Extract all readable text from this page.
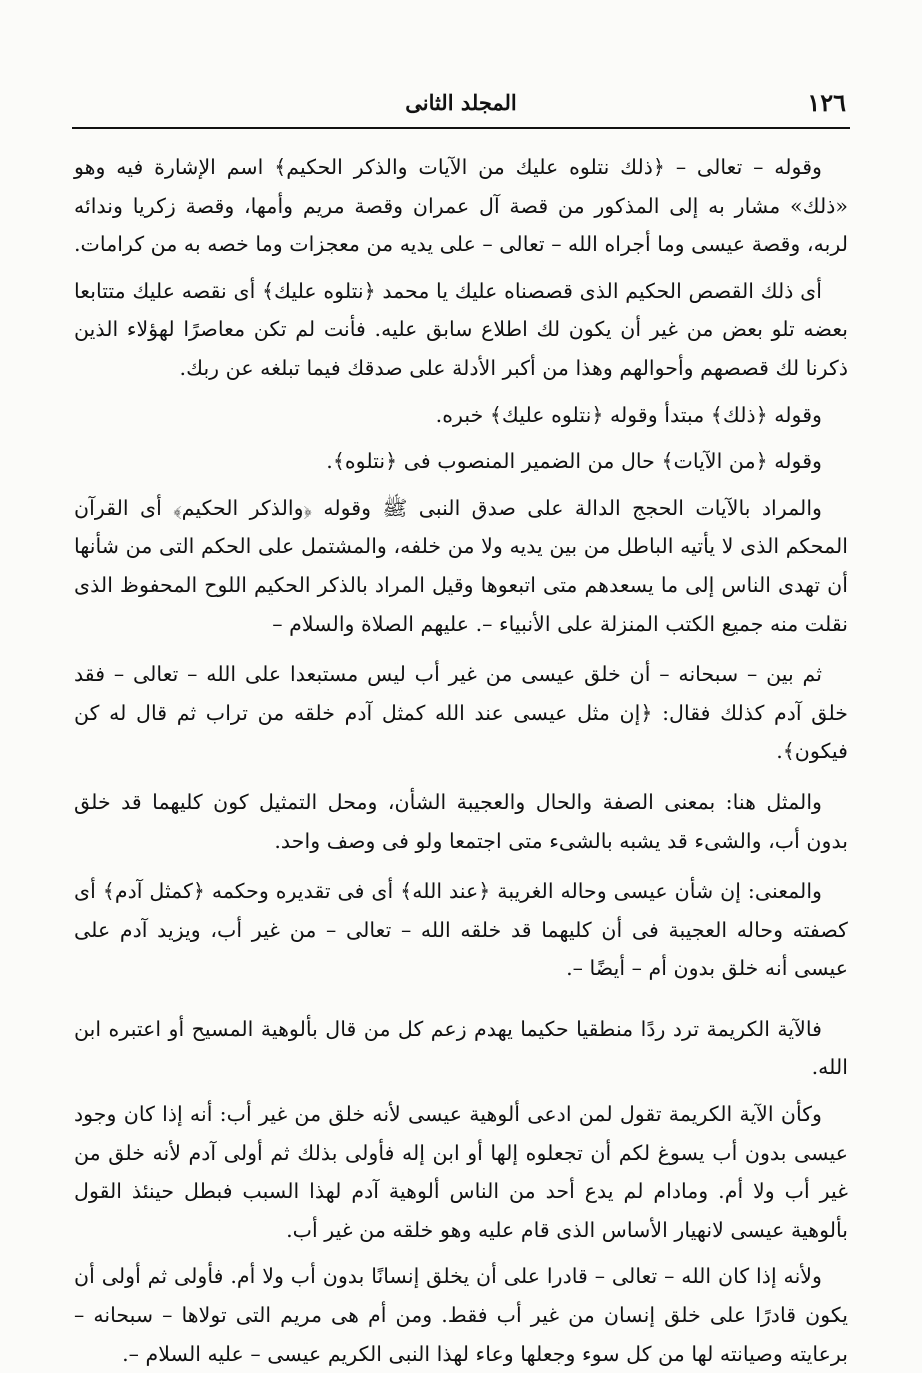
١٢٦
المجلد الثانى

وقوله – تعالى – ﴿ذلك نتلوه عليك من الآيات والذكر الحكيم﴾ اسم الإشارة فيه وهو «ذلك» مشار به إلى المذكور من قصة آل عمران وقصة مريم وأمها، وقصة زكريا وندائه لربه، وقصة عيسى وما أجراه الله – تعالى – على يديه من معجزات وما خصه به من كرامات.

أى ذلك القصص الحكيم الذى قصصناه عليك يا محمد ﴿نتلوه عليك﴾ أى نقصه عليك متتابعا بعضه تلو بعض من غير أن يكون لك اطلاع سابق عليه. فأنت لم تكن معاصرًا لهؤلاء الذين ذكرنا لك قصصهم وأحوالهم وهذا من أكبر الأدلة على صدقك فيما تبلغه عن ربك.

وقوله ﴿ذلك﴾ مبتدأ وقوله ﴿نتلوه عليك﴾ خبره.

وقوله ﴿من الآيات﴾ حال من الضمير المنصوب فى ﴿نتلوه﴾.

والمراد بالآيات الحجج الدالة على صدق النبى ﷺ وقوله ﴿والذكر الحكيم﴾ أى القرآن المحكم الذى لا يأتيه الباطل من بين يديه ولا من خلفه، والمشتمل على الحكم التى من شأنها أن تهدى الناس إلى ما يسعدهم متى اتبعوها وقيل المراد بالذكر الحكيم اللوح المحفوظ الذى نقلت منه جميع الكتب المنزلة على الأنبياء –. عليهم الصلاة والسلام –

ثم بين – سبحانه – أن خلق عيسى من غير أب ليس مستبعدا على الله – تعالى – فقد خلق آدم كذلك فقال: ﴿إن مثل عيسى عند الله كمثل آدم خلقه من تراب ثم قال له كن فيكون﴾.

والمثل هنا: بمعنى الصفة والحال والعجيبة الشأن، ومحل التمثيل كون كليهما قد خلق بدون أب، والشىء قد يشبه بالشىء متى اجتمعا ولو فى وصف واحد.

والمعنى: إن شأن عيسى وحاله الغريبة ﴿عند الله﴾ أى فى تقديره وحكمه ﴿كمثل آدم﴾ أى كصفته وحاله العجيبة فى أن كليهما قد خلقه الله – تعالى – من غير أب، ويزيد آدم على عيسى أنه خلق بدون أم – أيضًا –.

فالآية الكريمة ترد ردًا منطقيا حكيما يهدم زعم كل من قال بألوهية المسيح أو اعتبره ابن الله.

وكأن الآية الكريمة تقول لمن ادعى ألوهية عيسى لأنه خلق من غير أب: أنه إذا كان وجود عيسى بدون أب يسوغ لكم أن تجعلوه إلها أو ابن إله فأولى بذلك ثم أولى آدم لأنه خلق من غير أب ولا أم. ومادام لم يدع أحد من الناس ألوهية آدم لهذا السبب فبطل حينئذ القول بألوهية عيسى لانهيار الأساس الذى قام عليه وهو خلقه من غير أب.

ولأنه إذا كان الله – تعالى – قادرا على أن يخلق إنسانًا بدون أب ولا أم. فأولى ثم أولى أن يكون قادرًا على خلق إنسان من غير أب فقط. ومن أم هى مريم التى تولاها – سبحانه – برعايته وصيانته لها من كل سوء وجعلها وعاء لهذا النبى الكريم عيسى – عليه السلام –.
